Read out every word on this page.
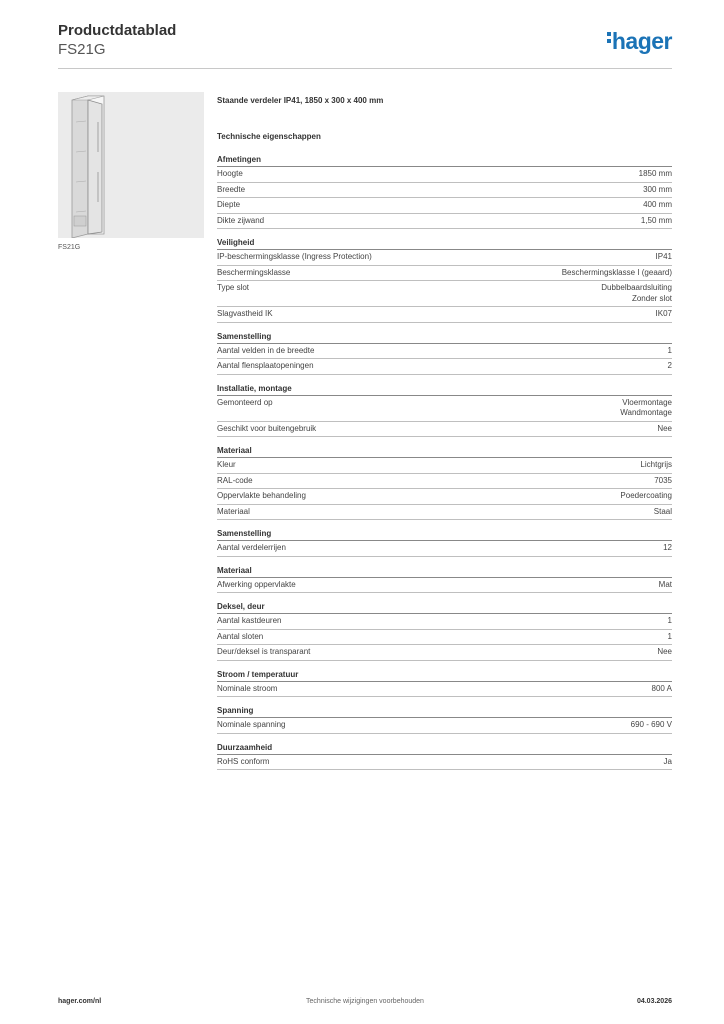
Productdatablad
FS21G	hager
FS21G
Staande verdeler IP41, 1850 x 300 x 400 mm
Technische eigenschappen
Afmetingen
Hoogte	1850 mm
Breedte	300 mm
Diepte	400 mm
Dikte zijwand	1,50 mm
Veiligheid
IP-beschermingsklasse (Ingress Protection)	IP41
Beschermingsklasse	Beschermingsklasse I (geaard)
Type slot	Dubbelbaardsluiting
Zonder slot
Slagvastheid IK	IK07
Samenstelling
Aantal velden in de breedte	1
Aantal flensplaatopeningen	2
Installatie, montage
Gemonteerd op	Vloermontage
Wandmontage
Geschikt voor buitengebruik	Nee
Materiaal
Kleur	Lichtgrijs
RAL-code	7035
Oppervlakte behandeling	Poedercoating
Materiaal	Staal
Samenstelling
Aantal verdelerrijen	12
Materiaal
Afwerking oppervlakte	Mat
Deksel, deur
Aantal kastdeuren	1
Aantal sloten	1
Deur/deksel is transparant	Nee
Stroom / temperatuur
Nominale stroom	800 A
Spanning
Nominale spanning	690 - 690 V
Duurzaamheid
RoHS conform	Ja
hager.com/nl	Technische wijzigingen voorbehouden	04.03.2026
